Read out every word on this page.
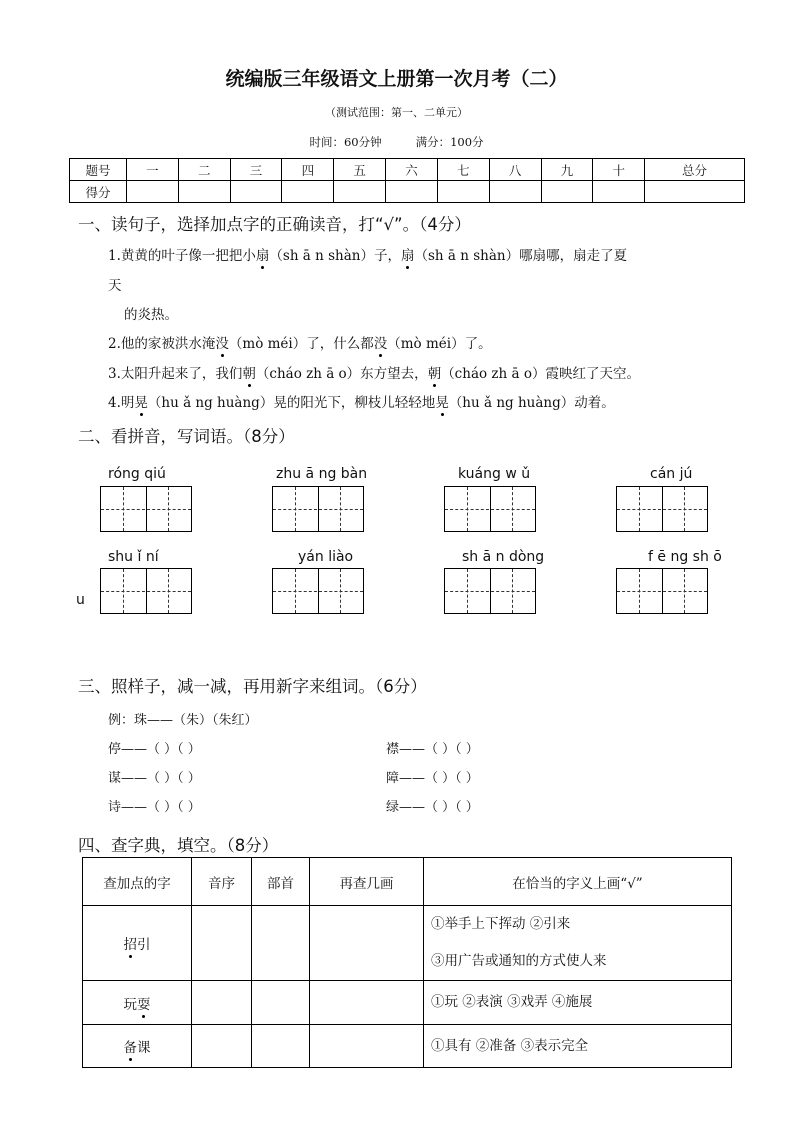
统编版三年级语文上册第一次月考（二）
（测试范围：第一、二单元）
时间：60分钟	满分：100分
题号	一	二	三	四	五	六	七	八	九	十	总分
得分											
一、读句子，选择加点字的正确读音，打“√”。（4分）
1.黄黄的叶子像一把把小扇（sh ā n shàn）子，扇（sh ā n shàn）哪扇哪，扇走了夏
天
的炎热。
2.他的家被洪水淹没（mò méi）了，什么都没（mò méi）了。
3.太阳升起来了，我们朝（cháo zh ā o）东方望去，朝（cháo zh ā o）霞映红了天空。
4.明晃（hu ǎ ng huàng）晃的阳光下，柳枝儿轻轻地晃（hu ǎ ng huàng）动着。
二、看拼音，写词语。（8分）
róng qiú	zhu ā ng bàn	kuáng w ǔ	cán jú
shu ǐ ní	yán liào	sh ā n dòng	f ē ng sh ō
u
三、照样子，减一减，再用新字来组词。（6分）
例：珠——（朱）（朱红）
停——（ ）（ ）	襟——（ ）（ ）
谋——（ ）（ ）	障——（ ）（ ）
诗——（ ）（ ）	绿——（ ）（ ）
四、查字典，填空。（8分）
查加点的字	音序	部首	再查几画	在恰当的字义上画“√”
招引				①举手上下挥动 ②引来
③用广告或通知的方式使人来

玩耍				①玩 ②表演 ③戏弄 ④施展

备课				①具有 ②准备 ③表示完全
